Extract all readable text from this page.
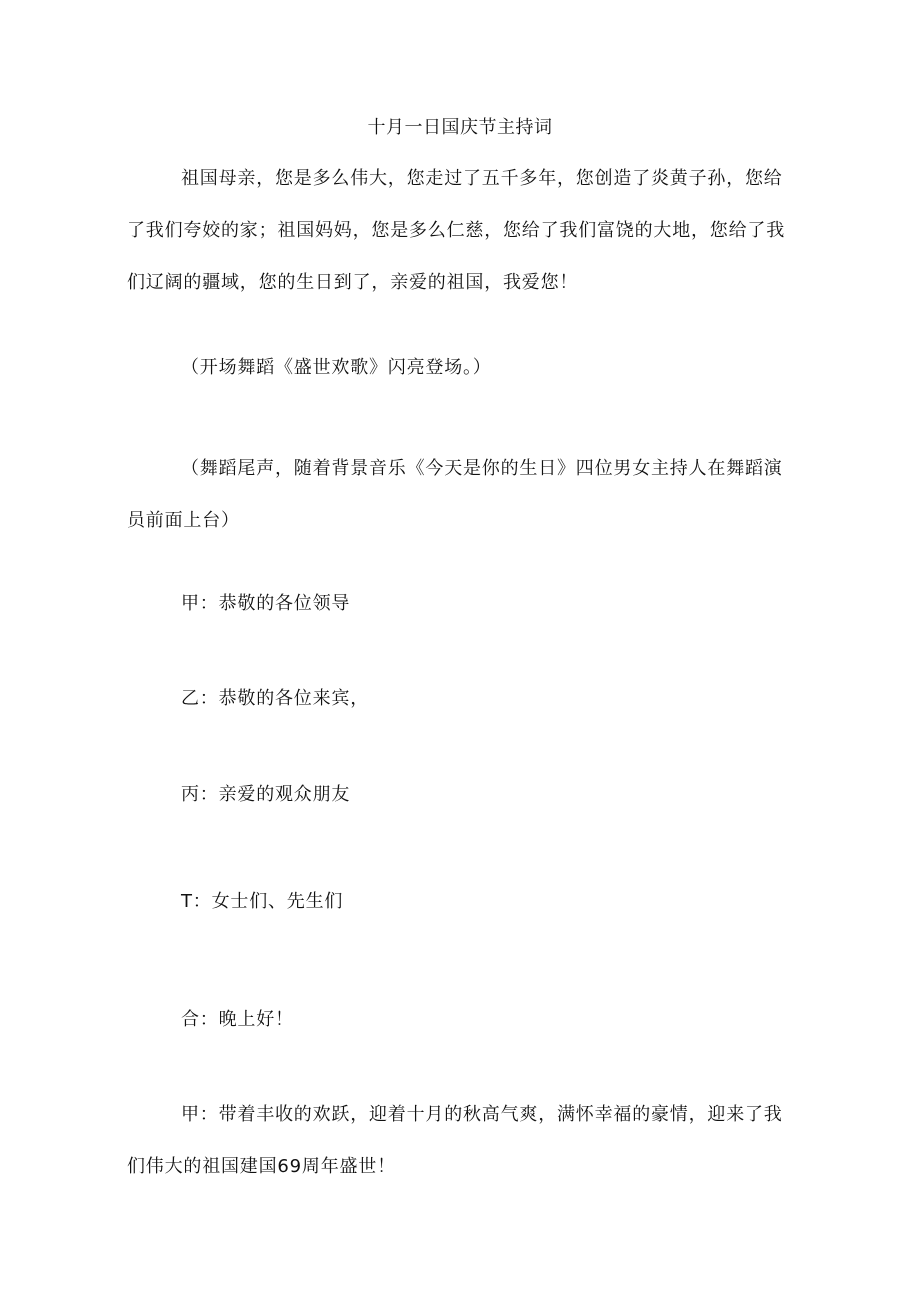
十月一日国庆节主持词

祖国母亲，您是多么伟大，您走过了五千多年，您创造了炎黄子孙，您给了我们夸姣的家；祖国妈妈，您是多么仁慈，您给了我们富饶的大地，您给了我们辽阔的疆域，您的生日到了，亲爱的祖国，我爱您！

（开场舞蹈《盛世欢歌》闪亮登场。）

（舞蹈尾声，随着背景音乐《今天是你的生日》四位男女主持人在舞蹈演员前面上台）

甲：恭敬的各位领导

乙：恭敬的各位来宾，

丙：亲爱的观众朋友

T：女士们、先生们

合：晚上好！

甲：带着丰收的欢跃，迎着十月的秋高气爽，满怀幸福的豪情，迎来了我们伟大的祖国建国69周年盛世！
